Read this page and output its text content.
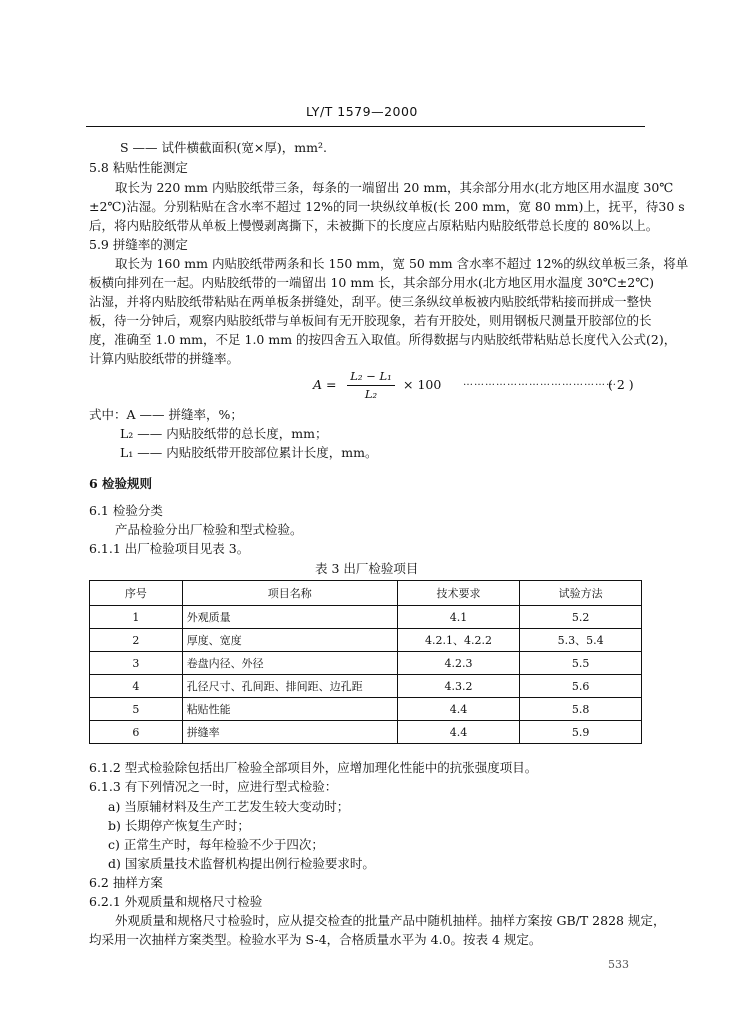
LY/T 1579—2000
S —— 试件横截面积(宽×厚)，mm².
5.8 粘贴性能测定
取长为 220 mm 内贴胶纸带三条，每条的一端留出 20 mm，其余部分用水(北方地区用水温度 30℃
±2℃)沾湿。分别粘贴在含水率不超过 12%的同一块纵纹单板(长 200 mm，宽 80 mm)上，抚平，待30 s
后，将内贴胶纸带从单板上慢慢剥离撕下，未被撕下的长度应占原粘贴内贴胶纸带总长度的 80%以上。
5.9 拼缝率的测定
取长为 160 mm 内贴胶纸带两条和长 150 mm，宽 50 mm 含水率不超过 12%的纵纹单板三条，将单
板横向排列在一起。内贴胶纸带的一端留出 10 mm 长，其余部分用水(北方地区用水温度 30℃±2℃)
沾湿，并将内贴胶纸带粘贴在两单板条拼缝处，刮平。使三条纵纹单板被内贴胶纸带粘接而拼成一整快
板，待一分钟后，观察内贴胶纸带与单板间有无开胶现象，若有开胶处，则用钢板尺测量开胶部位的长
度，准确至 1.0 mm，不足 1.0 mm 的按四舍五入取值。所得数据与内贴胶纸带粘贴总长度代入公式(2)，
计算内贴胶纸带的拼缝率。
A =
L₂ − L₁
L₂
× 100 ……………………………………
( 2 )
式中：A —— 拼缝率，%；
L₂ —— 内贴胶纸带的总长度，mm；
L₁ —— 内贴胶纸带开胶部位累计长度，mm。
6 检验规则
6.1 检验分类
产品检验分出厂检验和型式检验。
6.1.1 出厂检验项目见表 3。
表 3 出厂检验项目
序号	项目名称	技术要求	试验方法
1	外观质量	4.1	5.2
2	厚度、宽度	4.2.1、4.2.2	5.3、5.4
3	卷盘内径、外径	4.2.3	5.5
4	孔径尺寸、孔间距、排间距、边孔距	4.3.2	5.6
5	粘贴性能	4.4	5.8
6	拼缝率	4.4	5.9
6.1.2 型式检验除包括出厂检验全部项目外，应增加理化性能中的抗张强度项目。
6.1.3 有下列情况之一时，应进行型式检验：
a) 当原辅材料及生产工艺发生较大变动时；
b) 长期停产恢复生产时；
c) 正常生产时，每年检验不少于四次；
d) 国家质量技术监督机构提出例行检验要求时。
6.2 抽样方案
6.2.1 外观质量和规格尺寸检验
外观质量和规格尺寸检验时，应从提交检查的批量产品中随机抽样。抽样方案按 GB/T 2828 规定，
均采用一次抽样方案类型。检验水平为 S-4，合格质量水平为 4.0。按表 4 规定。
533
